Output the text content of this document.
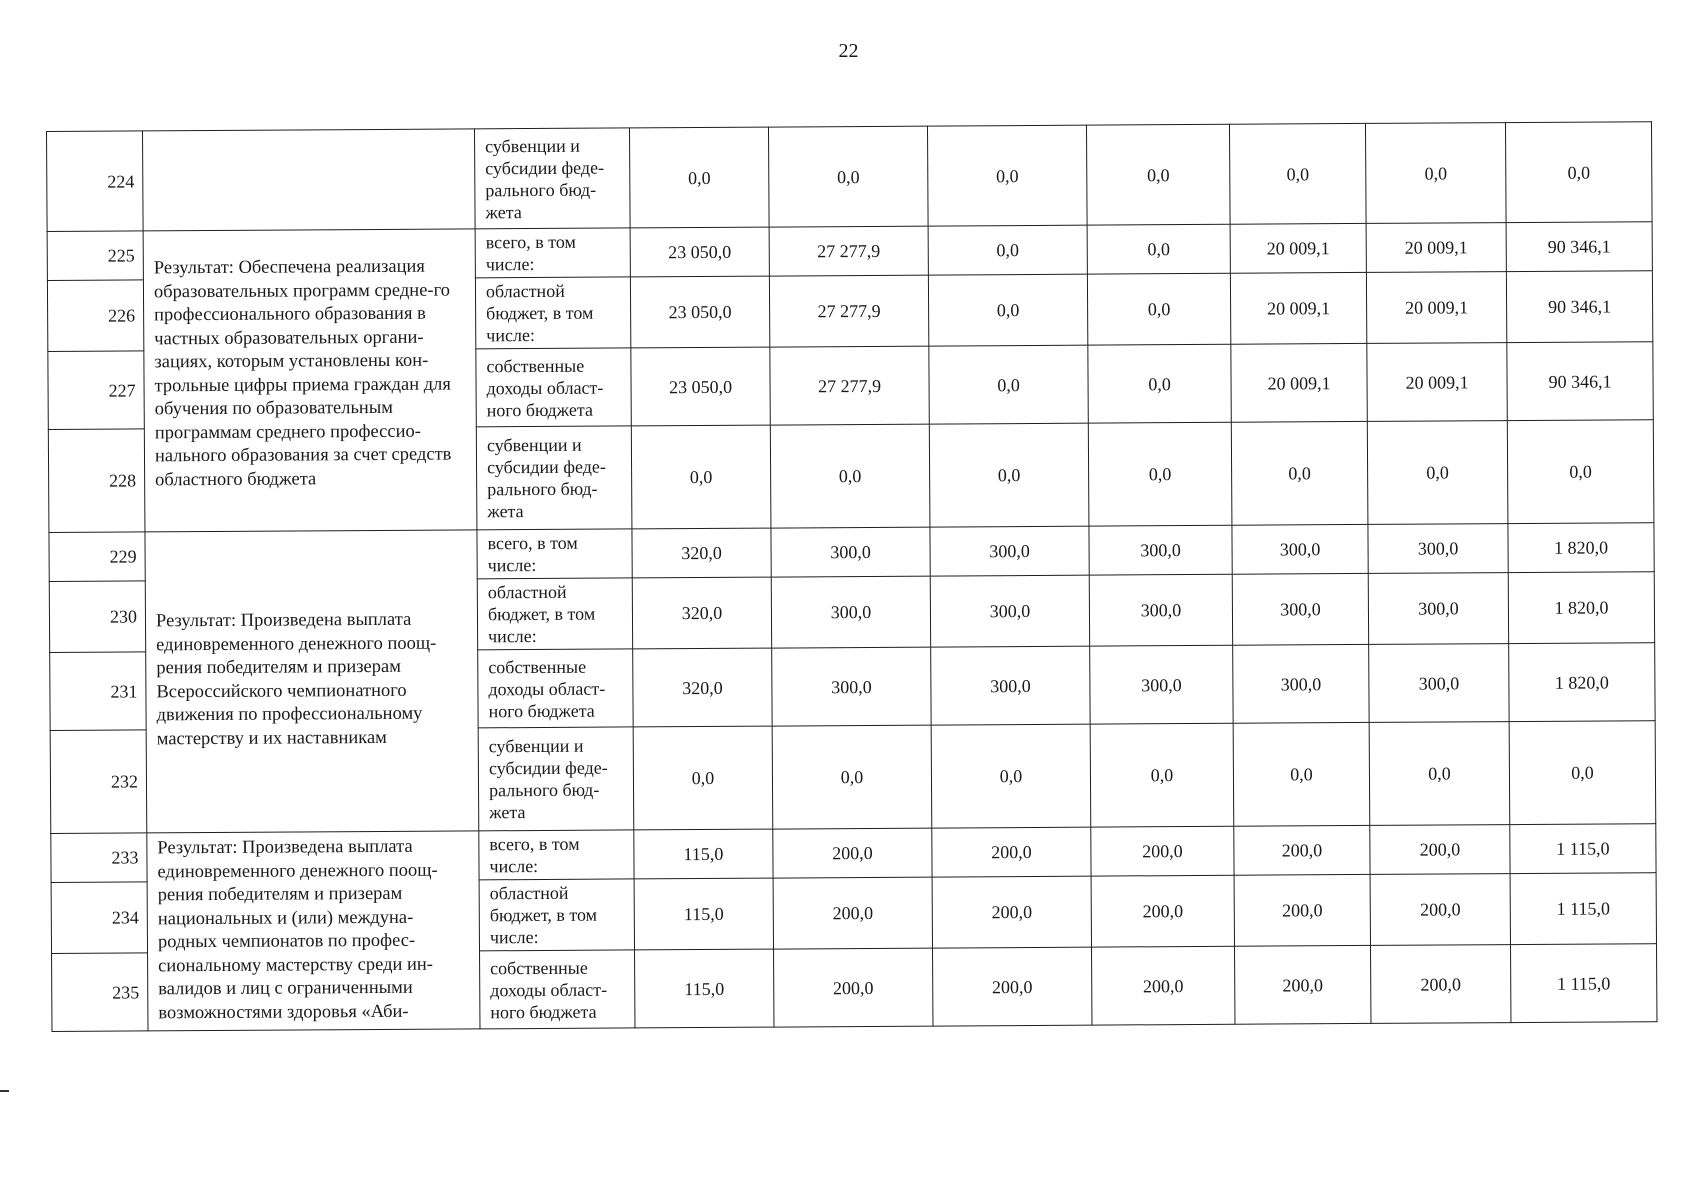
22
224		субвенции и субсидии феде-ральногo бюд-жета	0,0	0,0	0,0	0,0	0,0	0,0	0,0
225	Результат: Обеспечена реализация образовательных программ средне-го профессионального образования в частных образовательных органи-зациях, которым установлены кон-трольные цифры приема граждан для обучения по образовательным программам среднего профессио-нального образования за счет средств областного бюджета	всего, в том числе:	23 050,0	27 277,9	0,0	0,0	20 009,1	20 009,1	90 346,1
226		областной бюджет, в том числе:	23 050,0	27 277,9	0,0	0,0	20 009,1	20 009,1	90 346,1
227		собственные доходы област-ного бюджета	23 050,0	27 277,9	0,0	0,0	20 009,1	20 009,1	90 346,1
228		субвенции и субсидии феде-рального бюд-жета	0,0	0,0	0,0	0,0	0,0	0,0	0,0
229	Результат: Произведена выплата единовременного денежного поощ-рения победителям и призерам Всероссийского чемпионатного движения по профессиональному мастерству и их наставникам	всего, в том числе:	320,0	300,0	300,0	300,0	300,0	300,0	1 820,0
230		областной бюджет, в том числе:	320,0	300,0	300,0	300,0	300,0	300,0	1 820,0
231		собственные доходы област-ного бюджета	320,0	300,0	300,0	300,0	300,0	300,0	1 820,0
232		субвенции и субсидии феде-рального бюд-жета	0,0	0,0	0,0	0,0	0,0	0,0	0,0
233	Результат: Произведена выплата единовременного денежного поощ-рения победителям и призерам национальных и (или) междуна-родных чемпионатов по профес-сиональному мастерству среди ин-валидов и лиц с ограниченными возможностями здоровья «Аби-	всего, в том числе:	115,0	200,0	200,0	200,0	200,0	200,0	1 115,0
234		областной бюджет, в том числе:	115,0	200,0	200,0	200,0	200,0	200,0	1 115,0
235		собственные доходы област-ного бюджета	115,0	200,0	200,0	200,0	200,0	200,0	1 115,0
